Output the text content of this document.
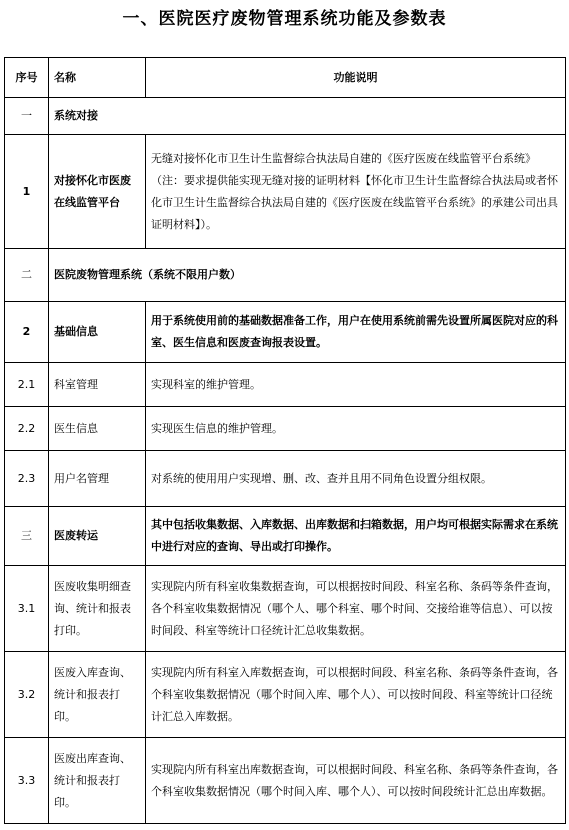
一、医院医疗废物管理系统功能及参数表
序号	名称	功能说明
一	系统对接	
1	对接怀化市医废在线监管平台	无缝对接怀化市卫生计生监督综合执法局自建的《医疗医废在线监管平台系统》（注：要求提供能实现无缝对接的证明材料【怀化市卫生计生监督综合执法局或者怀化市卫生计生监督综合执法局自建的《医疗医废在线监管平台系统》的承建公司出具证明材料】）。
二	医院废物管理系统（系统不限用户数）	
2	基础信息	用于系统使用前的基础数据准备工作，用户在使用系统前需先设置所属医院对应的科室、医生信息和医废查询报表设置。
2.1	科室管理	实现科室的维护管理。
2.2	医生信息	实现医生信息的维护管理。
2.3	用户名管理	对系统的使用用户实现增、删、改、查并且用不同角色设置分组权限。
三	医废转运	其中包括收集数据、入库数据、出库数据和扫箱数据，用户均可根据实际需求在系统中进行对应的查询、导出或打印操作。
3.1	医废收集明细查询、统计和报表打印。	实现院内所有科室收集数据查询，可以根据按时间段、科室名称、条码等条件查询，各个科室收集数据情况（哪个人、哪个科室、哪个时间、交接给谁等信息）、可以按时间段、科室等统计口径统计汇总收集数据。
3.2	医废入库查询、统计和报表打印。	实现院内所有科室入库数据查询，可以根据时间段、科室名称、条码等条件查询，各个科室收集数据情况（哪个时间入库、哪个人）、可以按时间段、科室等统计口径统计汇总入库数据。
3.3	医废出库查询、统计和报表打印。	实现院内所有科室出库数据查询，可以根据时间段、科室名称、条码等条件查询，各个科室收集数据情况（哪个时间入库、哪个人）、可以按时间段统计汇总出库数据。
